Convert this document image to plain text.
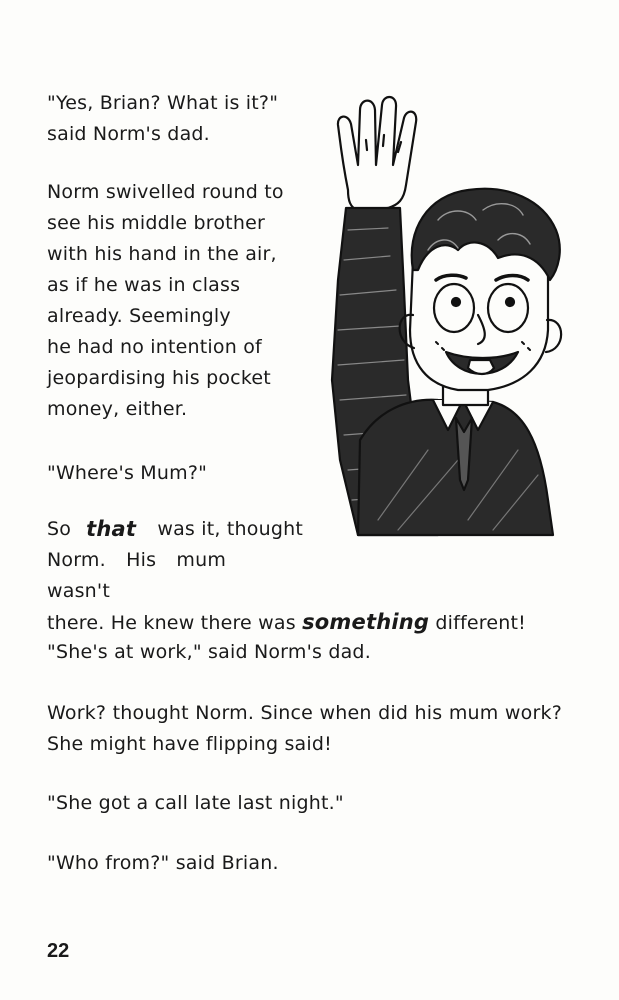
"Yes, Brian? What is it?"
said Norm's dad.
Norm swivelled round to
see his middle brother
with his hand in the air,
as if he was in class
already. Seemingly
he had no intention of
jeopardising his pocket
money, either.
"Where's Mum?"
So that was it, thought
Norm. His mum wasn't
there. He knew there was something different!
"She's at work," said Norm's dad.
Work? thought Norm. Since when did his mum work? She might have flipping said!
"She got a call late last night."
"Who from?" said Brian.
22
